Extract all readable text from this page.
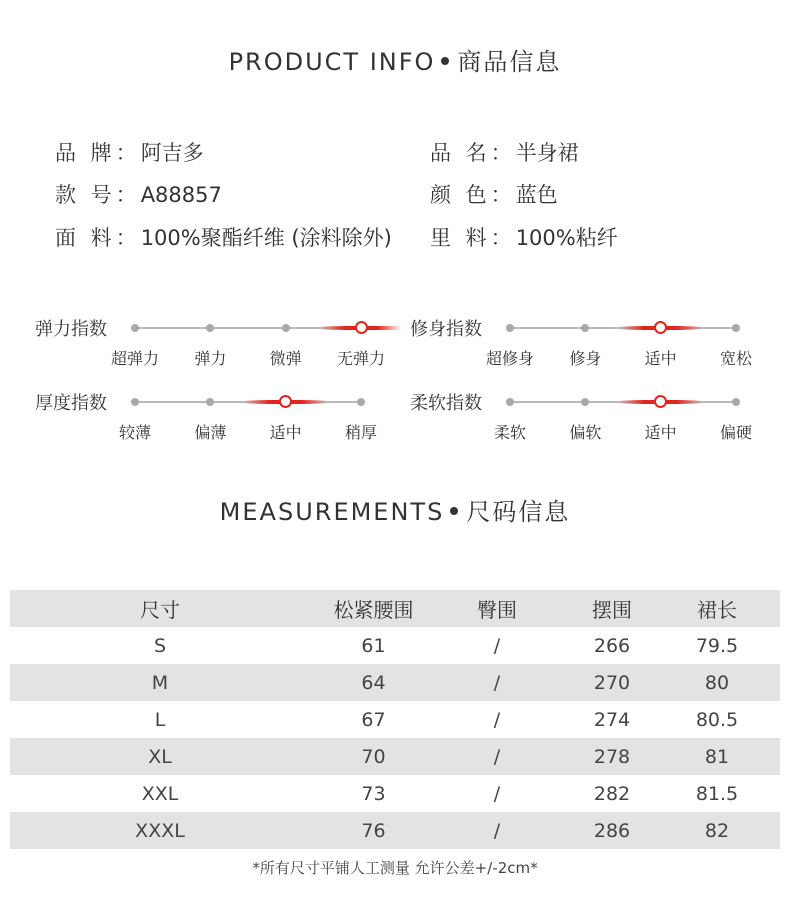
PRODUCT INFO 商品信息
品 牌：阿吉多
款 号：A88857
面 料：100%聚酯纤维 (涂料除外)
品 名：半身裙
颜 色：蓝色
里 料：100%粘纤
弹力指数
超弹力 弹力	微弹 无弹力
修身指数
超修身 修身	适中	宽松
厚度指数
较薄	偏薄	适中	稍厚
柔软指数
柔软	偏软	适中	偏硬
MEASUREMENTS 尺码信息
尺寸	松紧腰围	臀围	摆围	裙长	
S	61	/	266	79.5	
M	64	/	270	80	
L	67	/	274	80.5	
XL	70	/	278	81	
XXL	73	/	282	81.5	
XXXL	76	/	286	82	
*所有尺寸平铺人工测量 允许公差+/-2cm*
